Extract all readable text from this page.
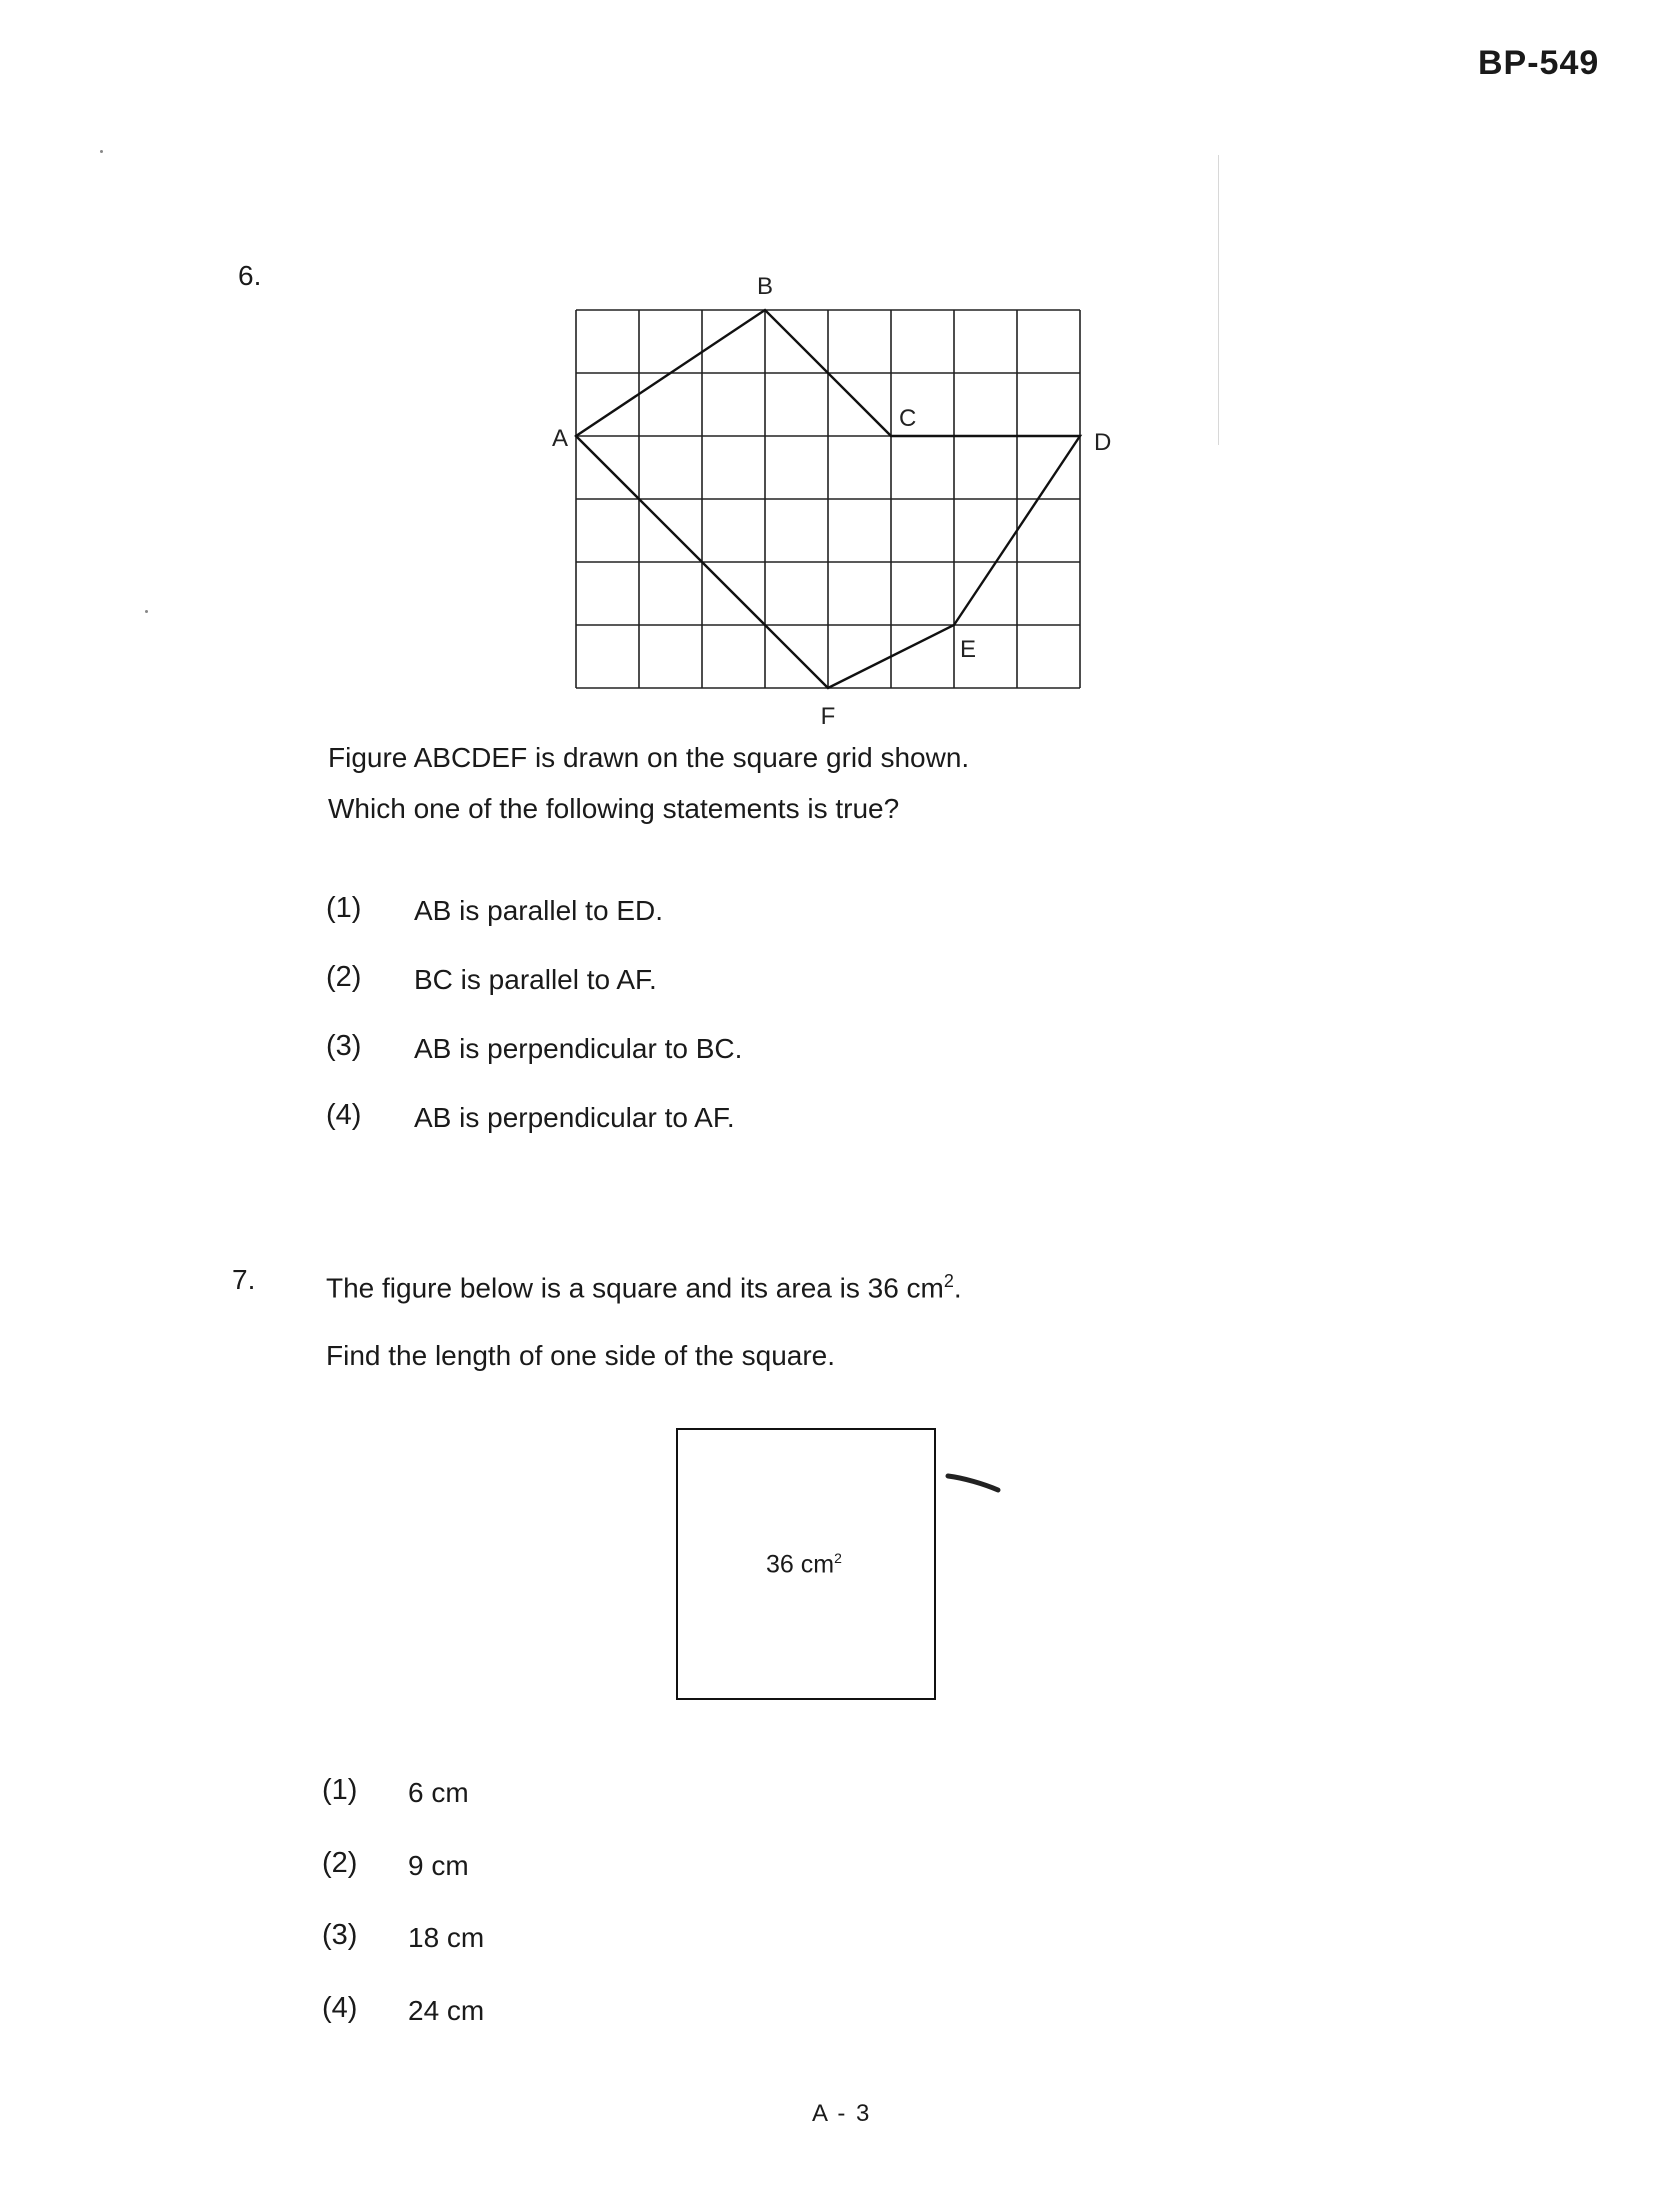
BP-549
6.
A
B
C
D
E
F
Figure ABCDEF is drawn on the square grid shown.
Which one of the following statements is true?
(1) AB is parallel to ED.
(2) BC is parallel to AF.
(3) AB is perpendicular to BC.
(4) AB is perpendicular to AF.
7.	The figure below is a square and its area is 36 $cm^2$.
Find the length of one side of the square.
36 $cm^2$
(1) 6 cm
(2) 9 cm
(3) 18 cm
(4) 24 cm
A - 3
